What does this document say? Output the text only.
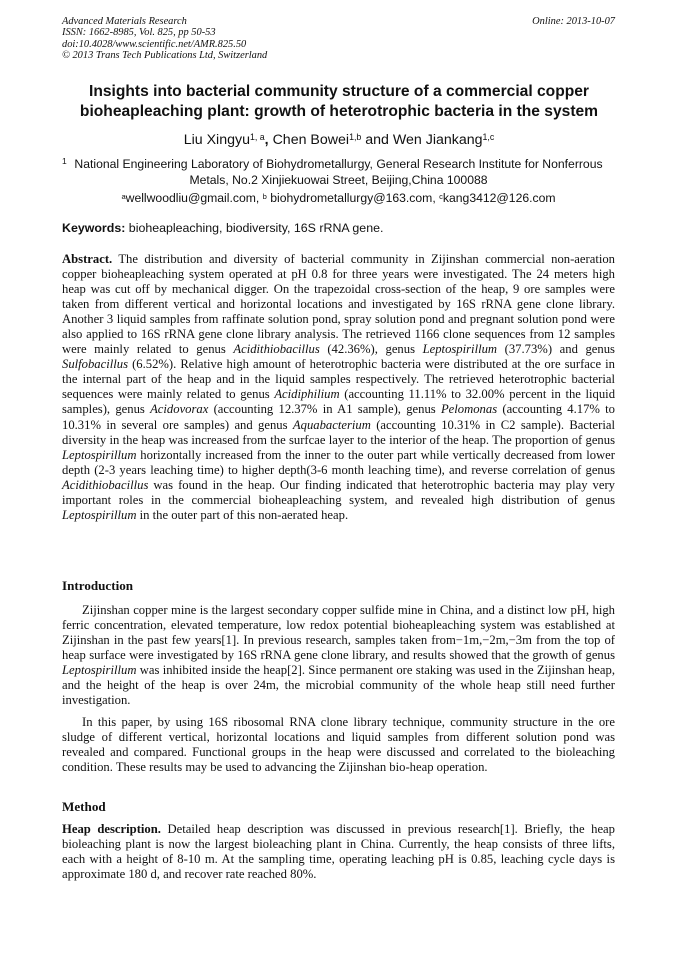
Advanced Materials Research
ISSN: 1662-8985, Vol. 825, pp 50-53
doi:10.4028/www.scientific.net/AMR.825.50
© 2013 Trans Tech Publications Ltd, Switzerland
Online: 2013-10-07
Insights into bacterial community structure of a commercial copper
bioheapleaching plant: growth of heterotrophic bacteria in the system
Liu Xingyu$^{1, a}$, Chen Bowei$^{1,b}$ and Wen Jiankang$^{1,c}$
1 National Engineering Laboratory of Biohydrometallurgy, General Research Institute for Nonferrous
Metals, No.2 Xinjiekuowai Street, Beijing,China 100088
$^a$wellwoodliu@gmail.com, $^b$ biohydrometallurgy@163.com, $^c$kang3412@126.com
Keywords: bioheapleaching, biodiversity, 16S rRNA gene.

Abstract. The distribution and diversity of bacterial community in Zijinshan commercial non-aeration copper bioheapleaching system operated at pH 0.8 for three years were investigated. The 24 meters high heap was cut off by mechanical digger. On the trapezoidal cross-section of the heap, 9 ore samples were taken from different vertical and horizontal locations and investigated by 16S rRNA gene clone library. Another 3 liquid samples from raffinate solution pond, spray solution pond and pregnant solution pond were also applied to 16S rRNA gene clone library analysis. The retrieved 1166 clone sequences from 12 samples were mainly related to genus Acidithiobacillus (42.36%), genus Leptospirillum (37.73%) and genus Sulfobacillus (6.52%). Relative high amount of heterotrophic bacteria were distributed at the ore surface in the internal part of the heap and in the liquid samples respectively. The retrieved heterotrophic bacterial sequences were mainly related to genus Acidiphilium (accounting 11.11% to 32.00% percent in the liquid samples), genus Acidovorax (accounting 12.37% in A1 sample), genus Pelomonas (accounting 4.17% to 10.31% in several ore samples) and genus Aquabacterium (accounting 10.31% in C2 sample). Bacterial diversity in the heap was increased from the surfcae layer to the interior of the heap. The proportion of genus Leptospirillum horizontally increased from the inner to the outer part while vertically decreased from lower depth (2-3 years leaching time) to higher depth(3-6 month leaching time), and reverse correlation of genus Acidithiobacillus was found in the heap. Our finding indicated that heterotrophic bacteria may play very important roles in the commercial bioheapleaching system, and revealed high distribution of genus Leptospirillum in the outer part of this non-aerated heap.

Introduction

Zijinshan copper mine is the largest secondary copper sulfide mine in China, and a distinct low pH, high ferric concentration, elevated temperature, low redox potential bioheapleaching system was established at Zijinshan in the past few years[1]. In previous research, samples taken from−1m,−2m,−3m from the top of heap surface were investigated by 16S rRNA gene clone library, and results showed that the growth of genus Leptospirillum was inhibited inside the heap[2]. Since permanent ore staking was used in the Zijinshan heap, and the height of the heap is over 24m, the microbial community of the whole heap still need further investigation.

In this paper, by using 16S ribosomal RNA clone library technique, community structure in the ore sludge of different vertical, horizontal locations and liquid samples from different solution pond was revealed and compared. Functional groups in the heap were discussed and correlated to the bioleaching condition. These results may be used to advancing the Zijinshan bio-heap operation.

Method

Heap description. Detailed heap description was discussed in previous research[1]. Briefly, the heap bioleaching plant is now the largest bioleaching plant in China. Currently, the heap consists of three lifts, each with a height of 8-10 m. At the sampling time, operating leaching pH is 0.85, leaching cycle days is approximate 180 d, and recover rate reached 80%.
